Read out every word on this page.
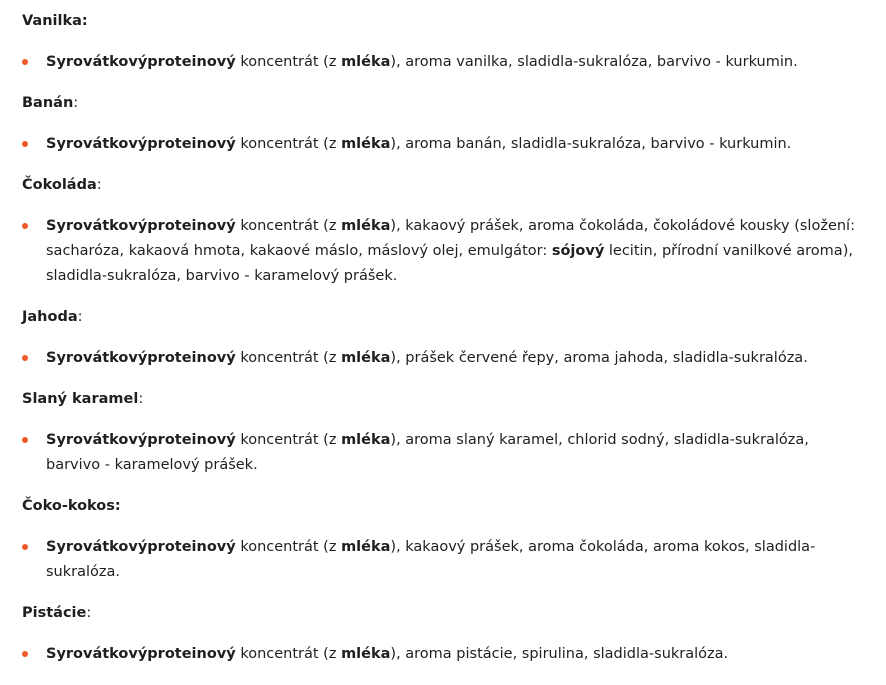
Vanilka:

Syrovátkovýproteinový koncentrát (z mléka), aroma vanilka, sladidla-sukralóza, barvivo - kurkumin.

Banán:

Syrovátkovýproteinový koncentrát (z mléka), aroma banán, sladidla-sukralóza, barvivo - kurkumin.

Čokoláda:

Syrovátkovýproteinový koncentrát (z mléka), kakaový prášek, aroma čokoláda, čokoládové kousky (složení: sacharóza, kakaová hmota, kakaové máslo, máslový olej, emulgátor: sójový lecitin, přírodní vanilkové aroma), sladidla-sukralóza, barvivo - karamelový prášek.

Jahoda:

Syrovátkovýproteinový koncentrát (z mléka), prášek červené řepy, aroma jahoda, sladidla-sukralóza.

Slaný karamel:

Syrovátkovýproteinový koncentrát (z mléka), aroma slaný karamel, chlorid sodný, sladidla-sukralóza, barvivo - karamelový prášek.

Čoko-kokos:

Syrovátkovýproteinový koncentrát (z mléka), kakaový prášek, aroma čokoláda, aroma kokos, sladidla-sukralóza.

Pistácie:

Syrovátkovýproteinový koncentrát (z mléka), aroma pistácie, spirulina, sladidla-sukralóza.
